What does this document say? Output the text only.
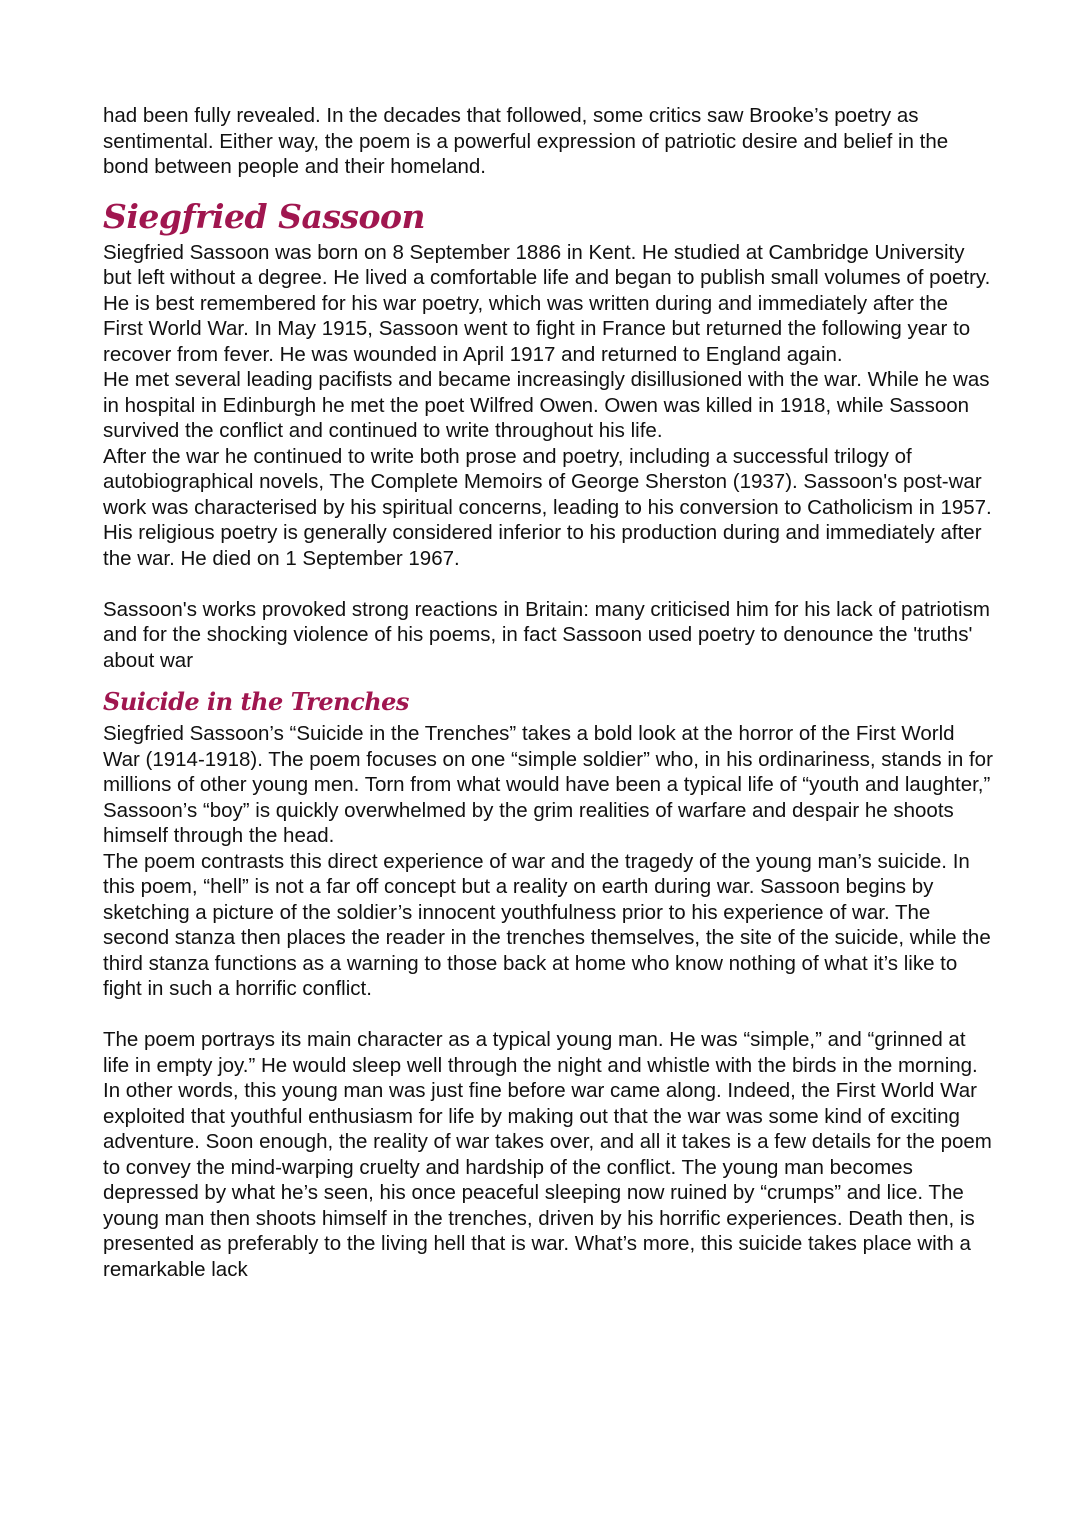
had been fully revealed. In the decades that followed, some critics saw Brooke’s poetry as sentimental. Either way, the poem is a powerful expression of patriotic desire and belief in the bond between people and their homeland.

Siegfried Sassoon

Siegfried Sassoon was born on 8 September 1886 in Kent. He studied at Cambridge University but left without a degree. He lived a comfortable life and began to publish small volumes of poetry.

He is best remembered for his war poetry, which was written during and immediately after the First World War. In May 1915, Sassoon went to fight in France but returned the following year to recover from fever. He was wounded in April 1917 and returned to England again.

He met several leading pacifists and became increasingly disillusioned with the war. While he was in hospital in Edinburgh he met the poet Wilfred Owen. Owen was killed in 1918, while Sassoon survived the conflict and continued to write throughout his life.

After the war he continued to write both prose and poetry, including a successful trilogy of autobiographical novels, The Complete Memoirs of George Sherston (1937). Sassoon's post-war work was characterised by his spiritual concerns, leading to his conversion to Catholicism in 1957.

His religious poetry is generally considered inferior to his production during and immediately after the war. He died on 1 September 1967.

Sassoon's works provoked strong reactions in Britain: many criticised him for his lack of patriotism and for the shocking violence of his poems, in fact Sassoon used poetry to denounce the 'truths' about war

Suicide in the Trenches

Siegfried Sassoon’s “Suicide in the Trenches” takes a bold look at the horror of the First World War (1914-1918). The poem focuses on one “simple soldier” who, in his ordinariness, stands in for millions of other young men. Torn from what would have been a typical life of “youth and laughter,” Sassoon’s “boy” is quickly overwhelmed by the grim realities of warfare and despair he shoots himself through the head.

The poem contrasts this direct experience of war and the tragedy of the young man’s suicide. In this poem, “hell” is not a far off concept but a reality on earth during war. Sassoon begins by sketching a picture of the soldier’s innocent youthfulness prior to his experience of war. The second stanza then places the reader in the trenches themselves, the site of the suicide, while the third stanza functions as a warning to those back at home who know nothing of what it’s like to fight in such a horrific conflict.

The poem portrays its main character as a typical young man. He was “simple,” and “grinned at life in empty joy.” He would sleep well through the night and whistle with the birds in the morning. In other words, this young man was just fine before war came along. Indeed, the First World War exploited that youthful enthusiasm for life by making out that the war was some kind of exciting adventure. Soon enough, the reality of war takes over, and all it takes is a few details for the poem to convey the mind-warping cruelty and hardship of the conflict. The young man becomes depressed by what he’s seen, his once peaceful sleeping now ruined by “crumps” and lice. The young man then shoots himself in the trenches, driven by his horrific experiences. Death then, is presented as preferably to the living hell that is war. What’s more, this suicide takes place with a remarkable lack
